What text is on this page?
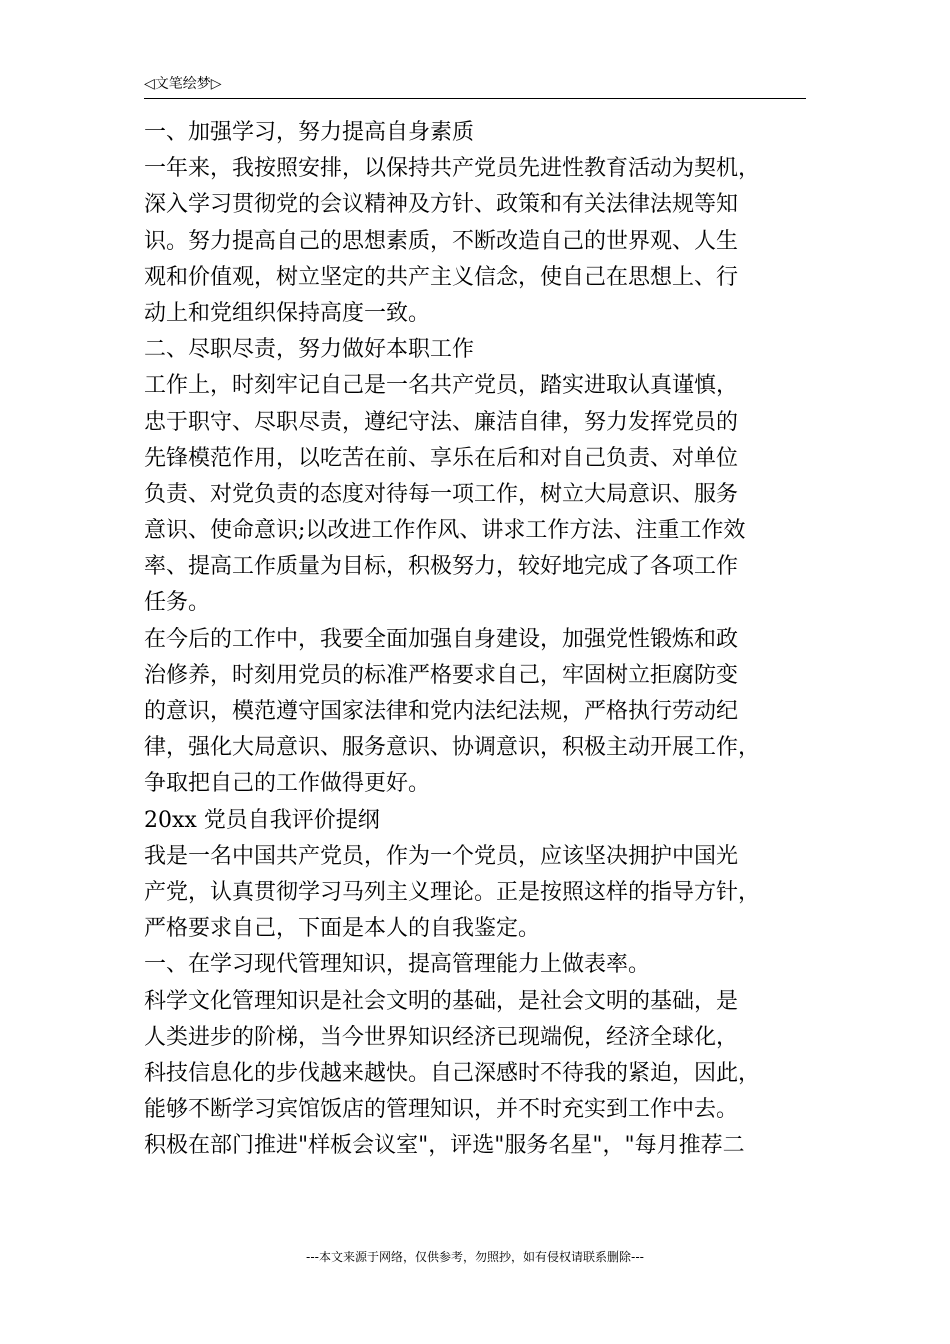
◁文笔绘梦▷
一、加强学习，努力提高自身素质
一年来，我按照安排，以保持共产党员先进性教育活动为契机，
深入学习贯彻党的会议精神及方针、政策和有关法律法规等知
识。努力提高自己的思想素质，不断改造自己的世界观、人生
观和价值观，树立坚定的共产主义信念，使自己在思想上、行
动上和党组织保持高度一致。
二、尽职尽责，努力做好本职工作
工作上，时刻牢记自己是一名共产党员，踏实进取认真谨慎，
忠于职守、尽职尽责，遵纪守法、廉洁自律，努力发挥党员的
先锋模范作用，以吃苦在前、享乐在后和对自己负责、对单位
负责、对党负责的态度对待每一项工作，树立大局意识、服务
意识、使命意识;以改进工作作风、讲求工作方法、注重工作效
率、提高工作质量为目标，积极努力，较好地完成了各项工作
任务。
在今后的工作中，我要全面加强自身建设，加强党性锻炼和政
治修养，时刻用党员的标准严格要求自己，牢固树立拒腐防变
的意识，模范遵守国家法律和党内法纪法规，严格执行劳动纪
律，强化大局意识、服务意识、协调意识，积极主动开展工作，
争取把自己的工作做得更好。
20xx 党员自我评价提纲
我是一名中国共产党员，作为一个党员，应该坚决拥护中国光
产党，认真贯彻学习马列主义理论。正是按照这样的指导方针，
严格要求自己，下面是本人的自我鉴定。
一、在学习现代管理知识，提高管理能力上做表率。
科学文化管理知识是社会文明的基础，是社会文明的基础，是
人类进步的阶梯，当今世界知识经济已现端倪，经济全球化，
科技信息化的步伐越来越快。自己深感时不待我的紧迫，因此，
能够不断学习宾馆饭店的管理知识，并不时充实到工作中去。
积极在部门推进"样板会议室"，评选"服务名星"，"每月推荐二
---本文来源于网络，仅供参考，勿照抄，如有侵权请联系删除---
